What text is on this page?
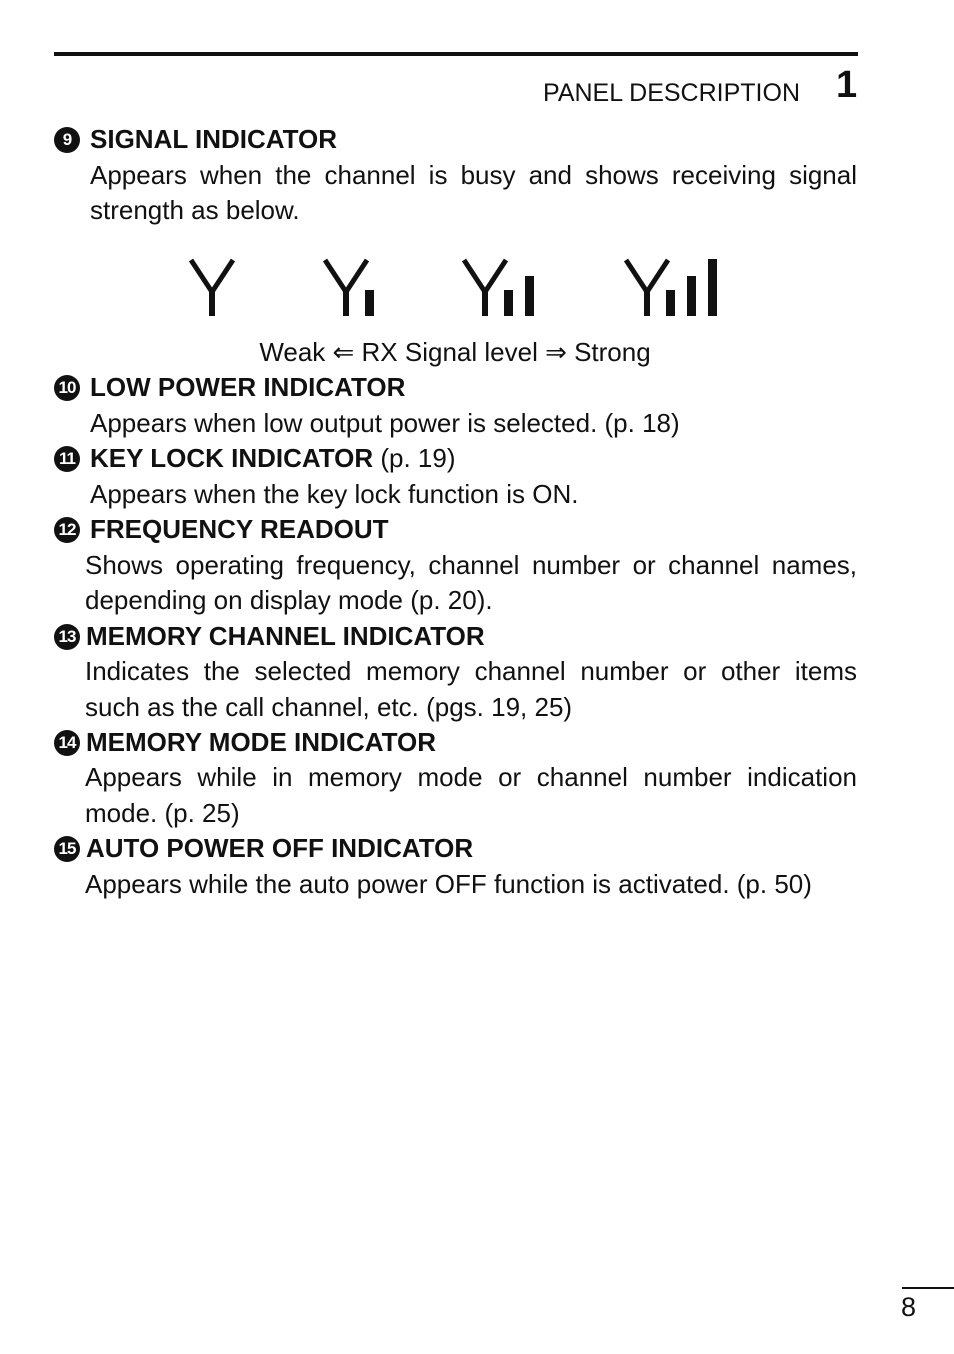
PANEL DESCRIPTION 1
9 SIGNAL INDICATOR
Appears when the channel is busy and shows receiving signal
strength as below.
Weak ⇐ RX Signal level ⇒ Strong
10 LOW POWER INDICATOR
Appears when low output power is selected. (p. 18)
11 KEY LOCK INDICATOR (p. 19)
Appears when the key lock function is ON.
12 FREQUENCY READOUT
Shows operating frequency, channel number or channel names,
depending on display mode (p. 20).
13 MEMORY CHANNEL INDICATOR
Indicates the selected memory channel number or other items
such as the call channel, etc. (pgs. 19, 25)
14 MEMORY MODE INDICATOR
Appears while in memory mode or channel number indication
mode. (p. 25)
15 AUTO POWER OFF INDICATOR
Appears while the auto power OFF function is activated. (p. 50)
8
